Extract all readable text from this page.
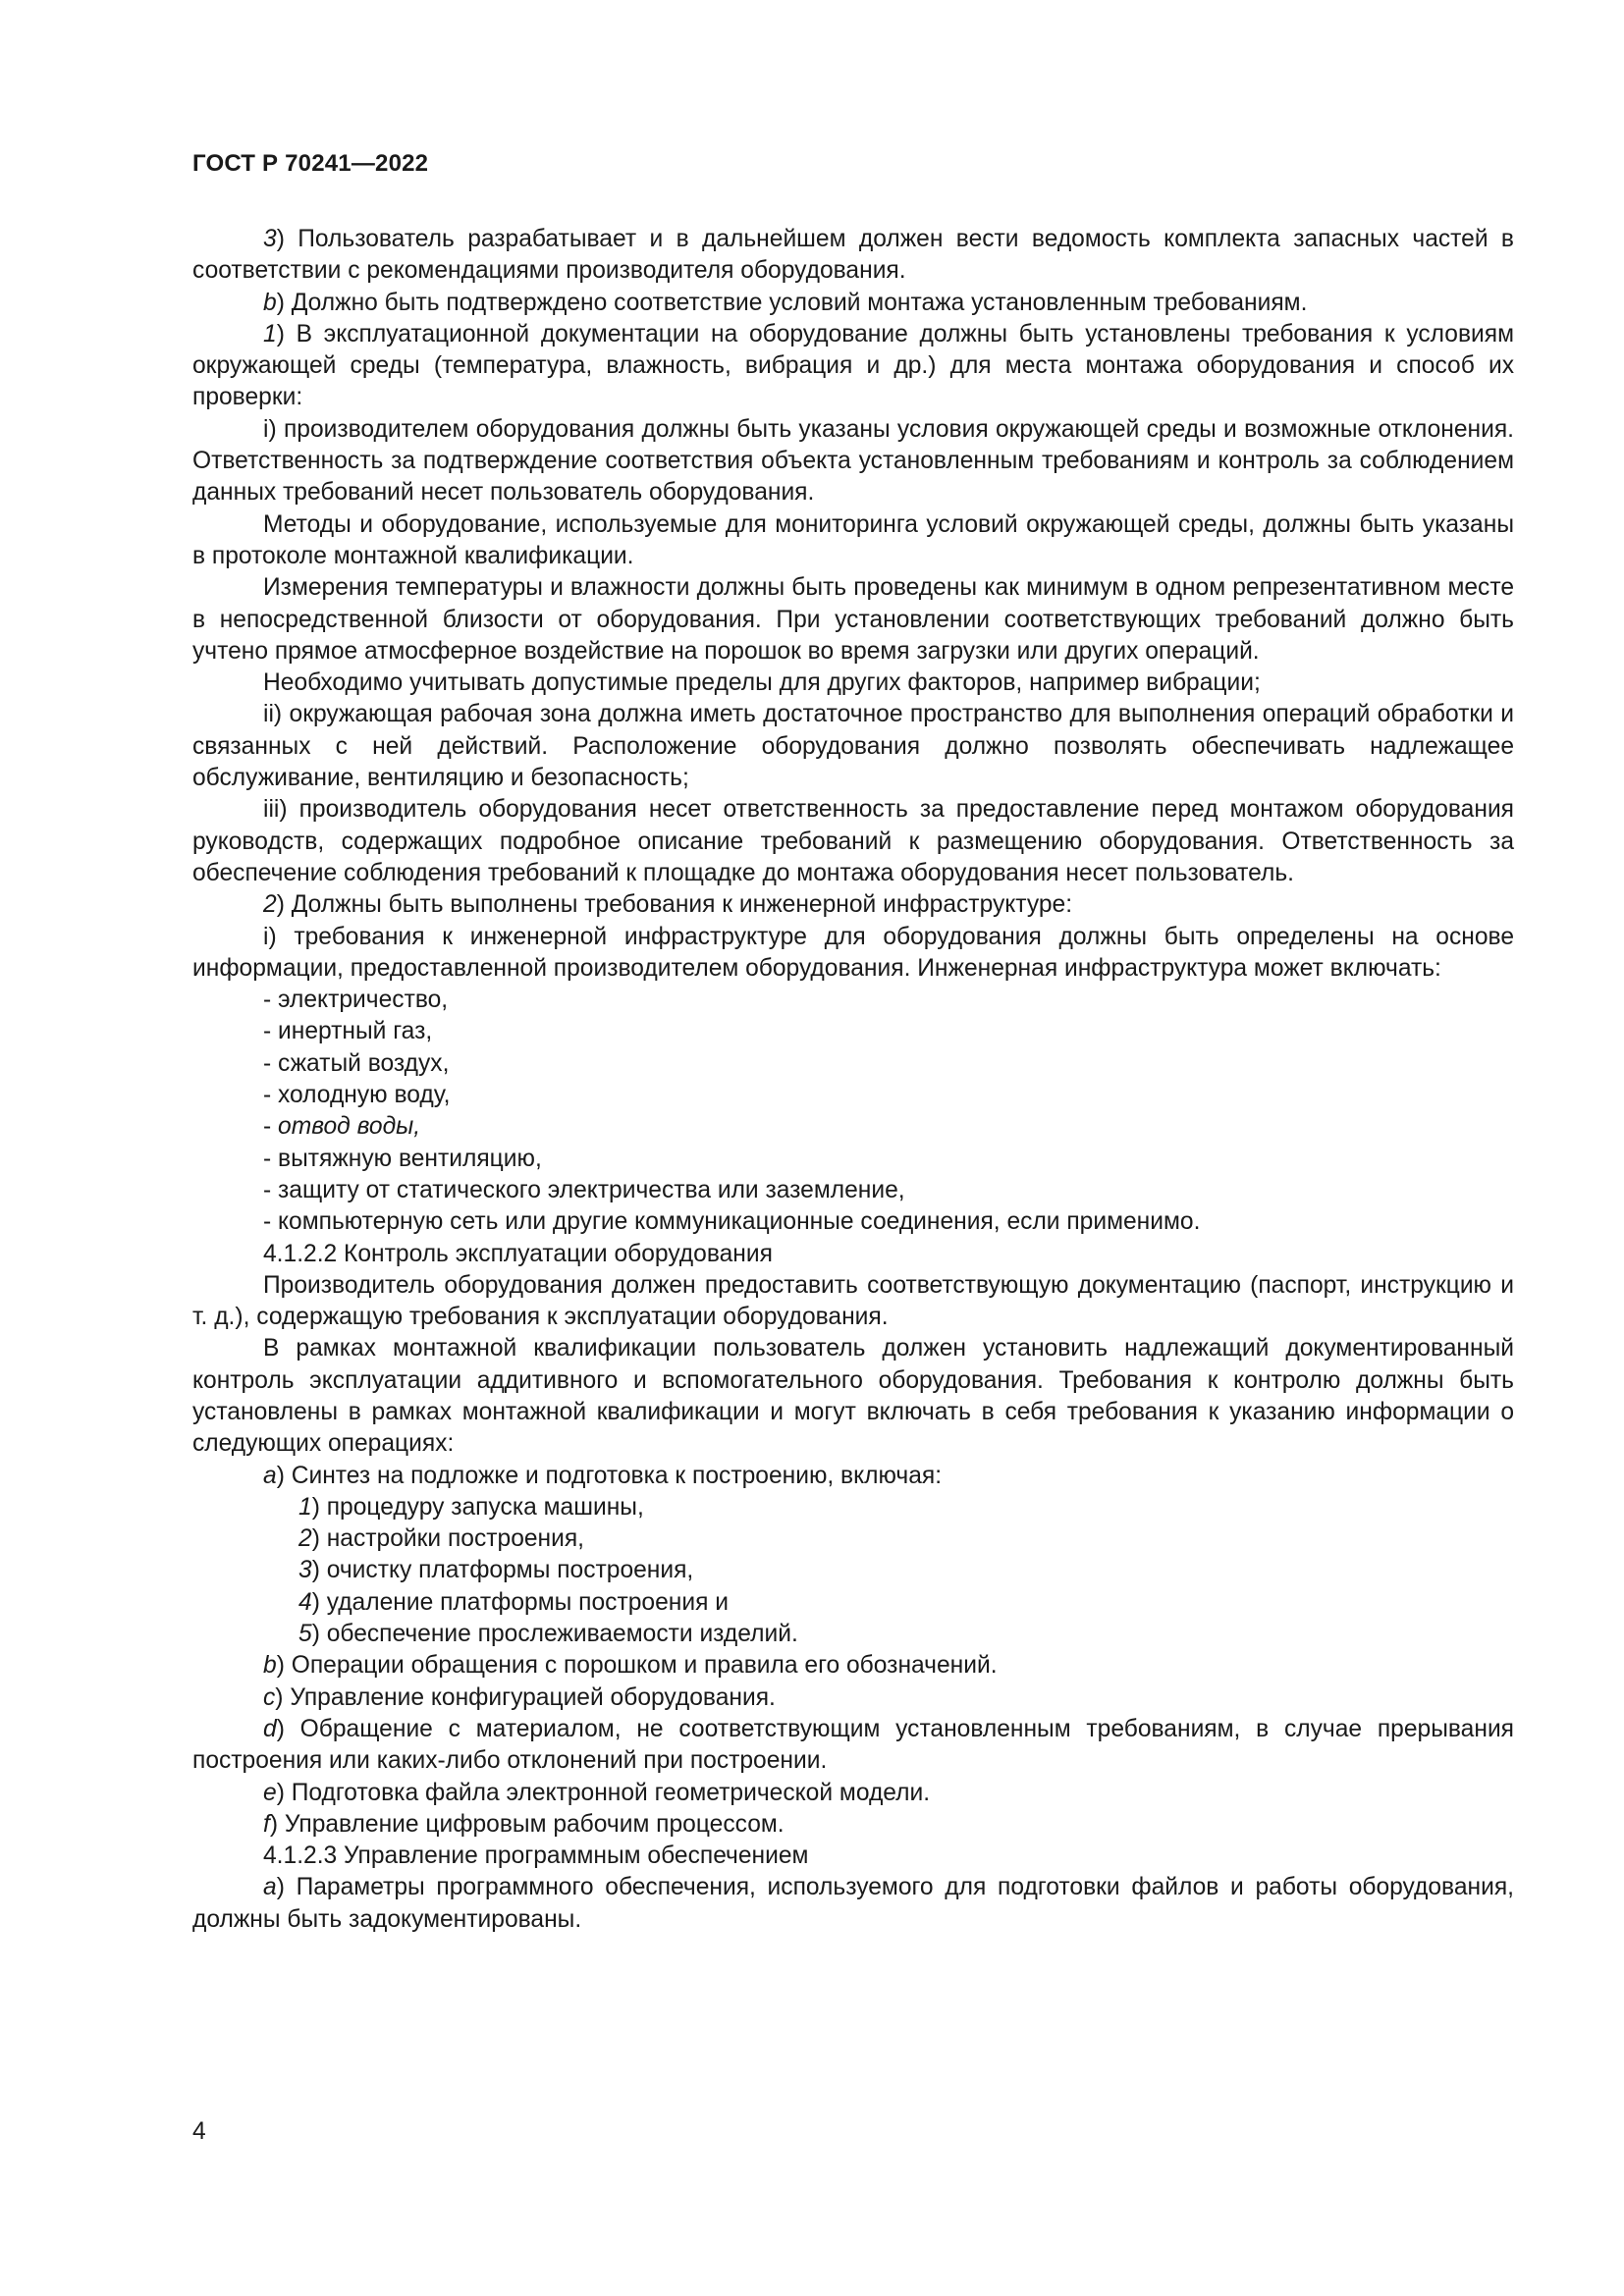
ГОСТ Р 70241—2022

3) Пользователь разрабатывает и в дальнейшем должен вести ведомость комплекта запасных частей в соответствии с рекомендациями производителя оборудования.

b) Должно быть подтверждено соответствие условий монтажа установленным требованиям.

1) В эксплуатационной документации на оборудование должны быть установлены требования к условиям окружающей среды (температура, влажность, вибрация и др.) для места монтажа оборудования и способ их проверки:

i) производителем оборудования должны быть указаны условия окружающей среды и возможные отклонения. Ответственность за подтверждение соответствия объекта установленным требованиям и контроль за соблюдением данных требований несет пользователь оборудования.

Методы и оборудование, используемые для мониторинга условий окружающей среды, должны быть указаны в протоколе монтажной квалификации.

Измерения температуры и влажности должны быть проведены как минимум в одном репрезентативном месте в непосредственной близости от оборудования. При установлении соответствующих требований должно быть учтено прямое атмосферное воздействие на порошок во время загрузки или других операций.

Необходимо учитывать допустимые пределы для других факторов, например вибрации;

ii) окружающая рабочая зона должна иметь достаточное пространство для выполнения операций обработки и связанных с ней действий. Расположение оборудования должно позволять обеспечивать надлежащее обслуживание, вентиляцию и безопасность;

iii) производитель оборудования несет ответственность за предоставление перед монтажом оборудования руководств, содержащих подробное описание требований к размещению оборудования. Ответственность за обеспечение соблюдения требований к площадке до монтажа оборудования несет пользователь.

2) Должны быть выполнены требования к инженерной инфраструктуре:

i) требования к инженерной инфраструктуре для оборудования должны быть определены на основе информации, предоставленной производителем оборудования. Инженерная инфраструктура может включать:

- электричество,

- инертный газ,

- сжатый воздух,

- холодную воду,

- отвод воды,

- вытяжную вентиляцию,

- защиту от статического электричества или заземление,

- компьютерную сеть или другие коммуникационные соединения, если применимо.

4.1.2.2 Контроль эксплуатации оборудования

Производитель оборудования должен предоставить соответствующую документацию (паспорт, инструкцию и т. д.), содержащую требования к эксплуатации оборудования.

В рамках монтажной квалификации пользователь должен установить надлежащий документированный контроль эксплуатации аддитивного и вспомогательного оборудования. Требования к контролю должны быть установлены в рамках монтажной квалификации и могут включать в себя требования к указанию информации о следующих операциях:

a) Синтез на подложке и подготовка к построению, включая:

1) процедуру запуска машины,

2) настройки построения,

3) очистку платформы построения,

4) удаление платформы построения и

5) обеспечение прослеживаемости изделий.

b) Операции обращения с порошком и правила его обозначений.

c) Управление конфигурацией оборудования.

d) Обращение с материалом, не соответствующим установленным требованиям, в случае прерывания построения или каких-либо отклонений при построении.

e) Подготовка файла электронной геометрической модели.

f) Управление цифровым рабочим процессом.

4.1.2.3 Управление программным обеспечением

a) Параметры программного обеспечения, используемого для подготовки файлов и работы оборудования, должны быть задокументированы.

4
